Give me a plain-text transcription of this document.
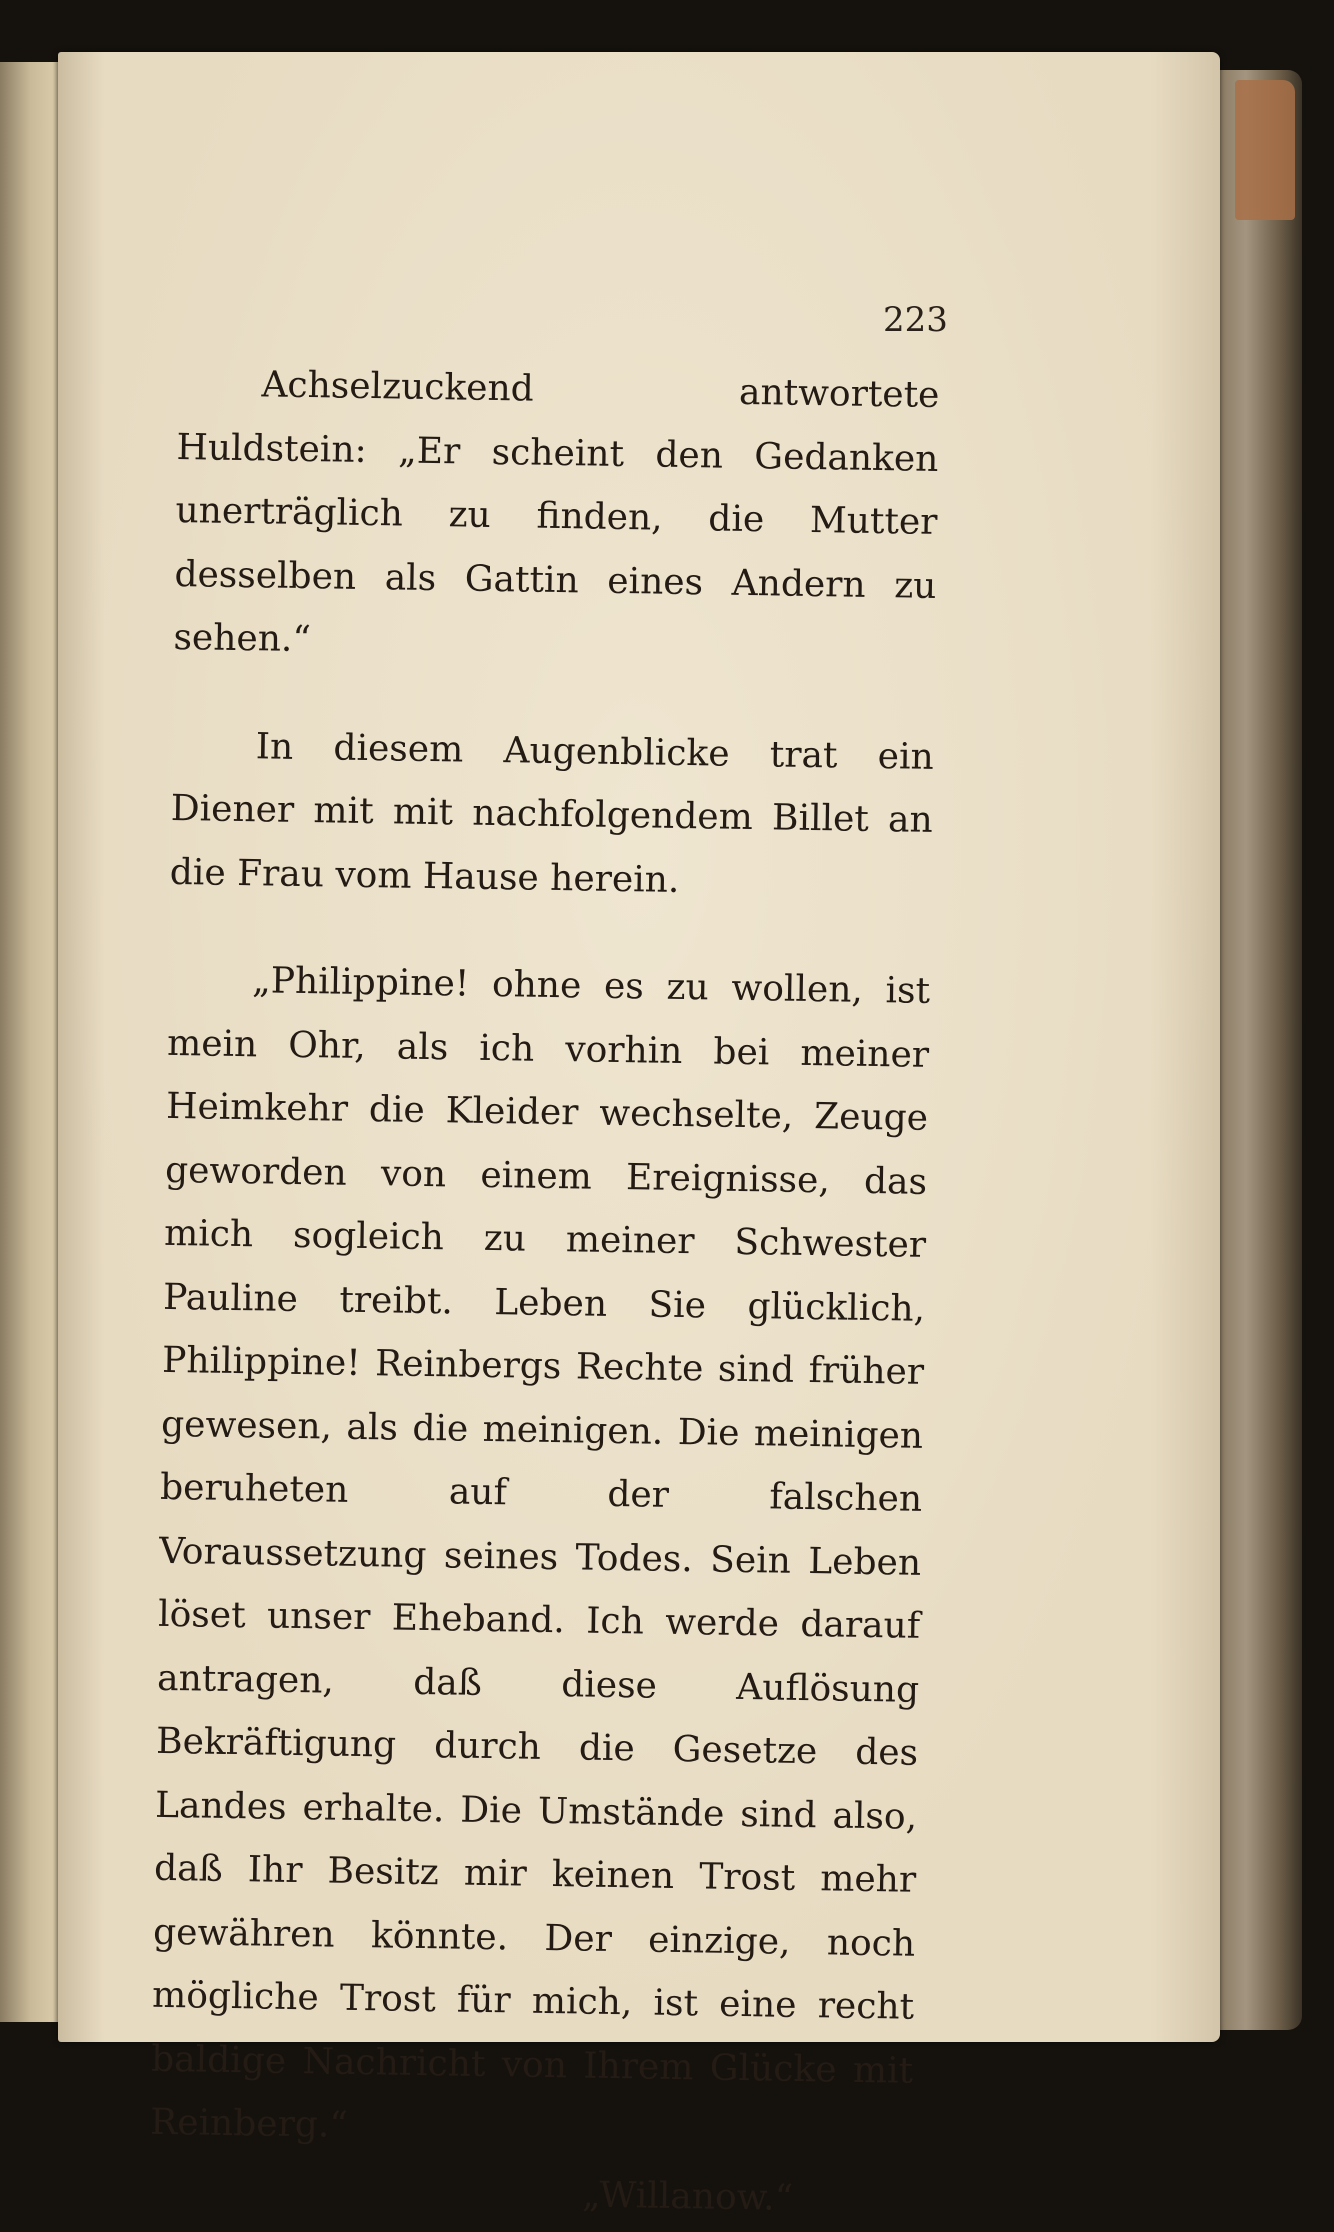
223

Achselzuckend antwortete Huldstein: „Er scheint den Gedanken unerträglich zu finden, die Mutter desselben als Gattin eines Andern zu sehen.“

In diesem Augenblicke trat ein Diener mit mit nachfolgendem Billet an die Frau vom Hause herein.

„Philippine! ohne es zu wollen, ist mein Ohr, als ich vorhin bei meiner Heimkehr die Kleider wechselte, Zeuge geworden von einem Ereignisse, das mich sogleich zu meiner Schwester Pauline treibt. Leben Sie glücklich, Philippine! Reinbergs Rechte sind früher gewesen, als die meinigen. Die meinigen beruheten auf der falschen Voraussetzung seines Todes. Sein Leben löset unser Eheband. Ich werde darauf antragen, daß diese Auflösung Bekräftigung durch die Gesetze des Landes erhalte. Die Umstände sind also, daß Ihr Besitz mir keinen Trost mehr gewähren könnte. Der einzige, noch mögliche Trost für mich, ist eine recht baldige Nachricht von Ihrem Glücke mit Reinberg.“

„Willanow.“
